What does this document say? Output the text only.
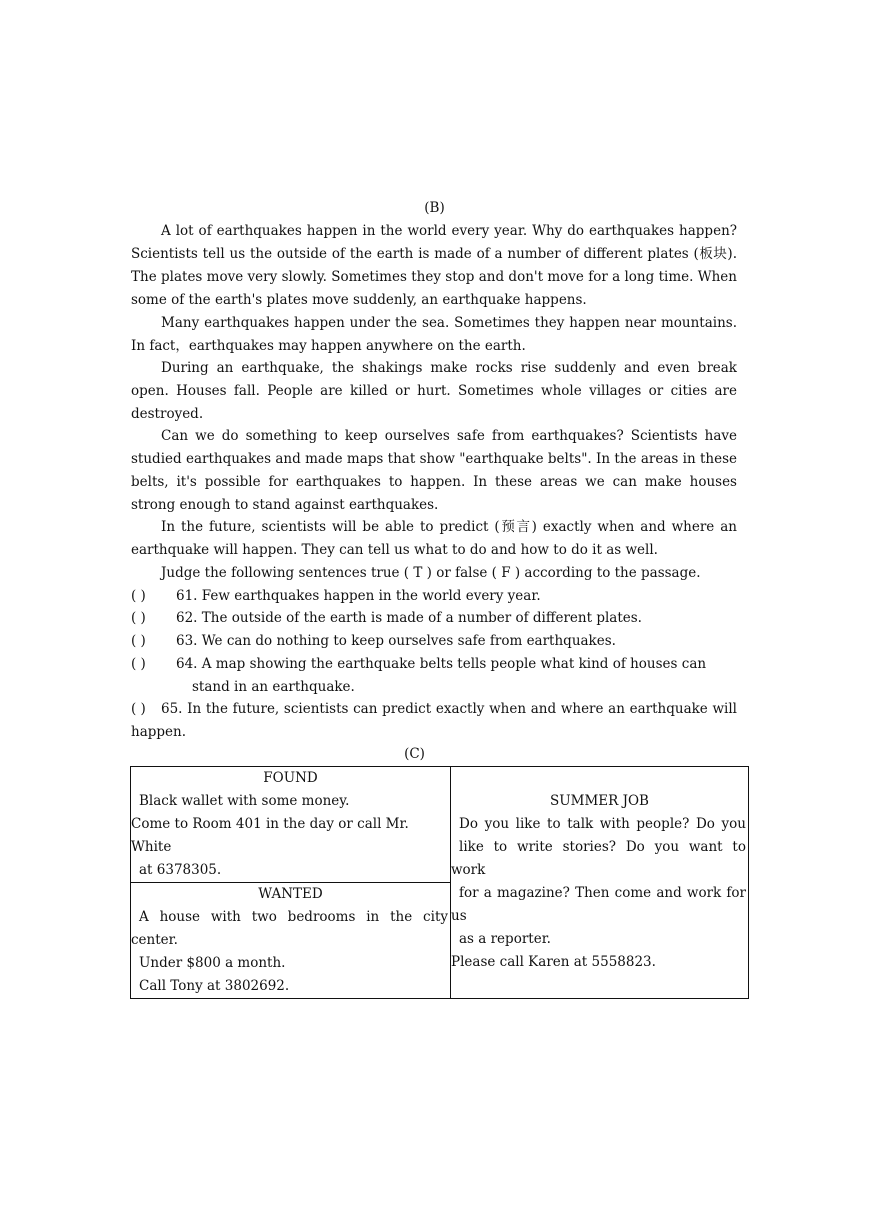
(B)

A lot of earthquakes happen in the world every year. Why do earthquakes happen? Scientists tell us the outside of the earth is made of a number of different plates (板块). The plates move very slowly. Sometimes they stop and don't move for a long time. When some of the earth's plates move suddenly, an earthquake happens.

Many earthquakes happen under the sea. Sometimes they happen near mountains. In fact，earthquakes may happen anywhere on the earth.

During an earthquake, the shakings make rocks rise suddenly and even break open. Houses fall. People are killed or hurt. Sometimes whole villages or cities are destroyed.

Can we do something to keep ourselves safe from earthquakes? Scientists have studied earthquakes and made maps that show "earthquake belts". In the areas in these belts, it's possible for earthquakes to happen. In these areas we can make houses strong enough to stand against earthquakes.

In the future, scientists will be able to predict (预言) exactly when and where an earthquake will happen. They can tell us what to do and how to do it as well.

Judge the following sentences true ( T ) or false ( F ) according to the passage.

( ) 61. Few earthquakes happen in the world every year.

( ) 62. The outside of the earth is made of a number of different plates.

( ) 63. We can do nothing to keep ourselves safe from earthquakes.

( ) 64. A map showing the earthquake belts tells people what kind of houses can
stand in an earthquake.

( ) 65. In the future, scientists can predict exactly when and where an earthquake will happen.

(C)
FOUND
Black wallet with some money.
Come to Room 401 in the day or call Mr. White
at 6378305.

SUMMER JOB
Do you like to talk with people? Do you
like to write stories? Do you want to
work
for a magazine? Then come and work for
us
as a reporter.
Please call Karen at 5558823.

WANTED
A house with two bedrooms in the city
center.
Under $800 a month.
Call Tony at 3802692.
